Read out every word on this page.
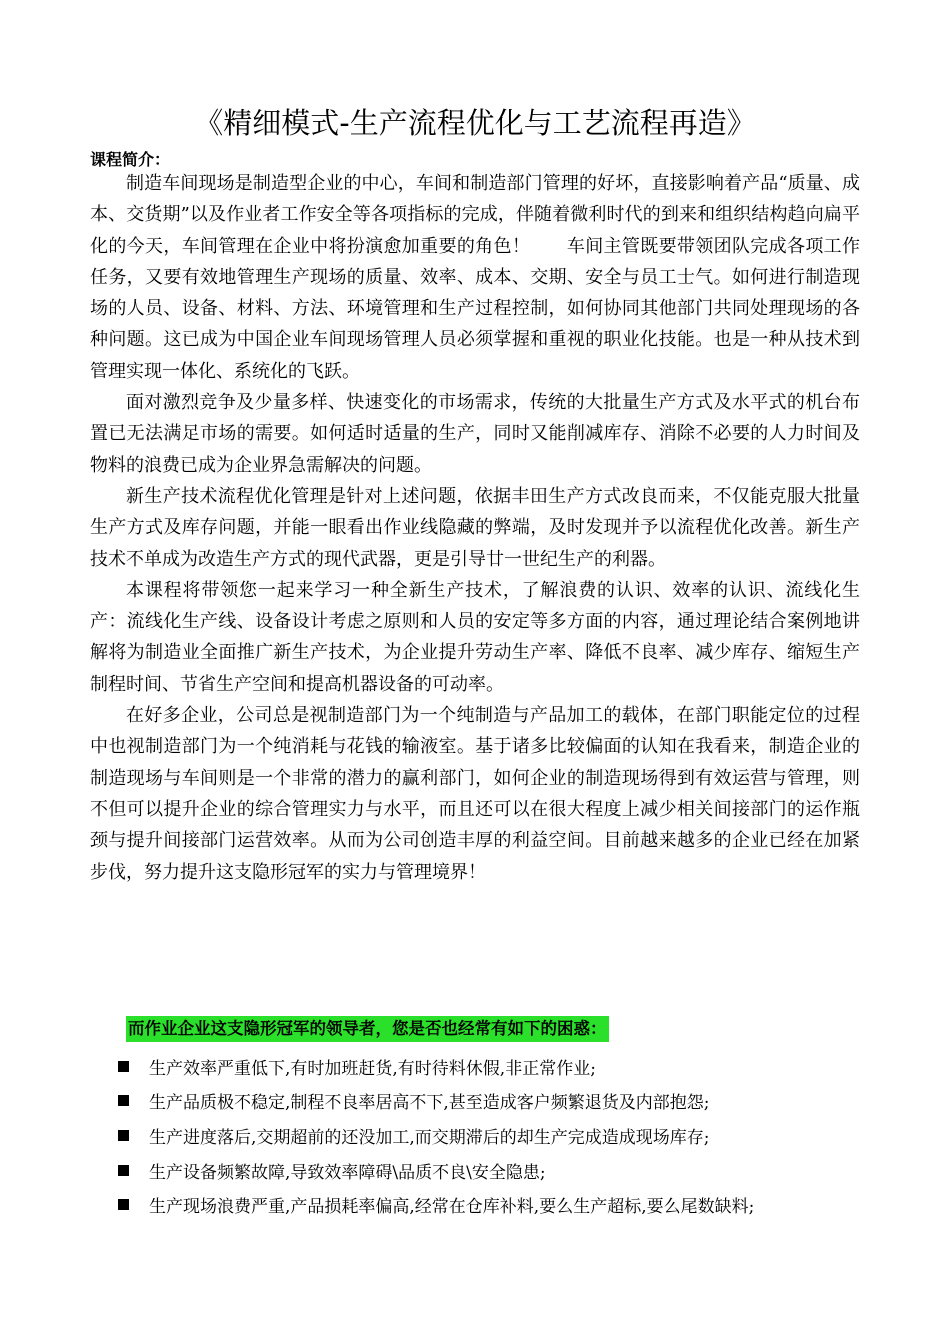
《精细模式-生产流程优化与工艺流程再造》
课程简介：

制造车间现场是制造型企业的中心，车间和制造部门管理的好坏，直接影响着产品“质量、成本、交货期”以及作业者工作安全等各项指标的完成，伴随着微利时代的到来和组织结构趋向扁平化的今天，车间管理在企业中将扮演愈加重要的角色！　　车间主管既要带领团队完成各项工作任务，又要有效地管理生产现场的质量、效率、成本、交期、安全与员工士气。如何进行制造现场的人员、设备、材料、方法、环境管理和生产过程控制，如何协同其他部门共同处理现场的各种问题。这已成为中国企业车间现场管理人员必须掌握和重视的职业化技能。也是一种从技术到管理实现一体化、系统化的飞跃。

面对激烈竞争及少量多样、快速变化的市场需求，传统的大批量生产方式及水平式的机台布置已无法满足市场的需要。如何适时适量的生产，同时又能削减库存、消除不必要的人力时间及物料的浪费已成为企业界急需解决的问题。

新生产技术流程优化管理是针对上述问题，依据丰田生产方式改良而来，不仅能克服大批量生产方式及库存问题，并能一眼看出作业线隐藏的弊端，及时发现并予以流程优化改善。新生产技术不单成为改造生产方式的现代武器，更是引导廿一世纪生产的利器。

本课程将带领您一起来学习一种全新生产技术，了解浪费的认识、效率的认识、流线化生产：流线化生产线、设备设计考虑之原则和人员的安定等多方面的内容，通过理论结合案例地讲解将为制造业全面推广新生产技术，为企业提升劳动生产率、降低不良率、减少库存、缩短生产制程时间、节省生产空间和提高机器设备的可动率。

在好多企业，公司总是视制造部门为一个纯制造与产品加工的载体，在部门职能定位的过程中也视制造部门为一个纯消耗与花钱的输液室。基于诸多比较偏面的认知在我看来，制造企业的制造现场与车间则是一个非常的潜力的赢利部门，如何企业的制造现场得到有效运营与管理，则不但可以提升企业的综合管理实力与水平，而且还可以在很大程度上减少相关间接部门的运作瓶颈与提升间接部门运营效率。从而为公司创造丰厚的利益空间。目前越来越多的企业已经在加紧步伐，努力提升这支隐形冠军的实力与管理境界！

而作业企业这支隐形冠军的领导者，您是否也经常有如下的困惑：
生产效率严重低下,有时加班赶货,有时待料休假,非正常作业;
生产品质极不稳定,制程不良率居高不下,甚至造成客户频繁退货及内部抱怨;
生产进度落后,交期超前的还没加工,而交期滞后的却生产完成造成现场库存;
生产设备频繁故障,导致效率障碍\品质不良\安全隐患;
生产现场浪费严重,产品损耗率偏高,经常在仓库补料,要么生产超标,要么尾数缺料;
